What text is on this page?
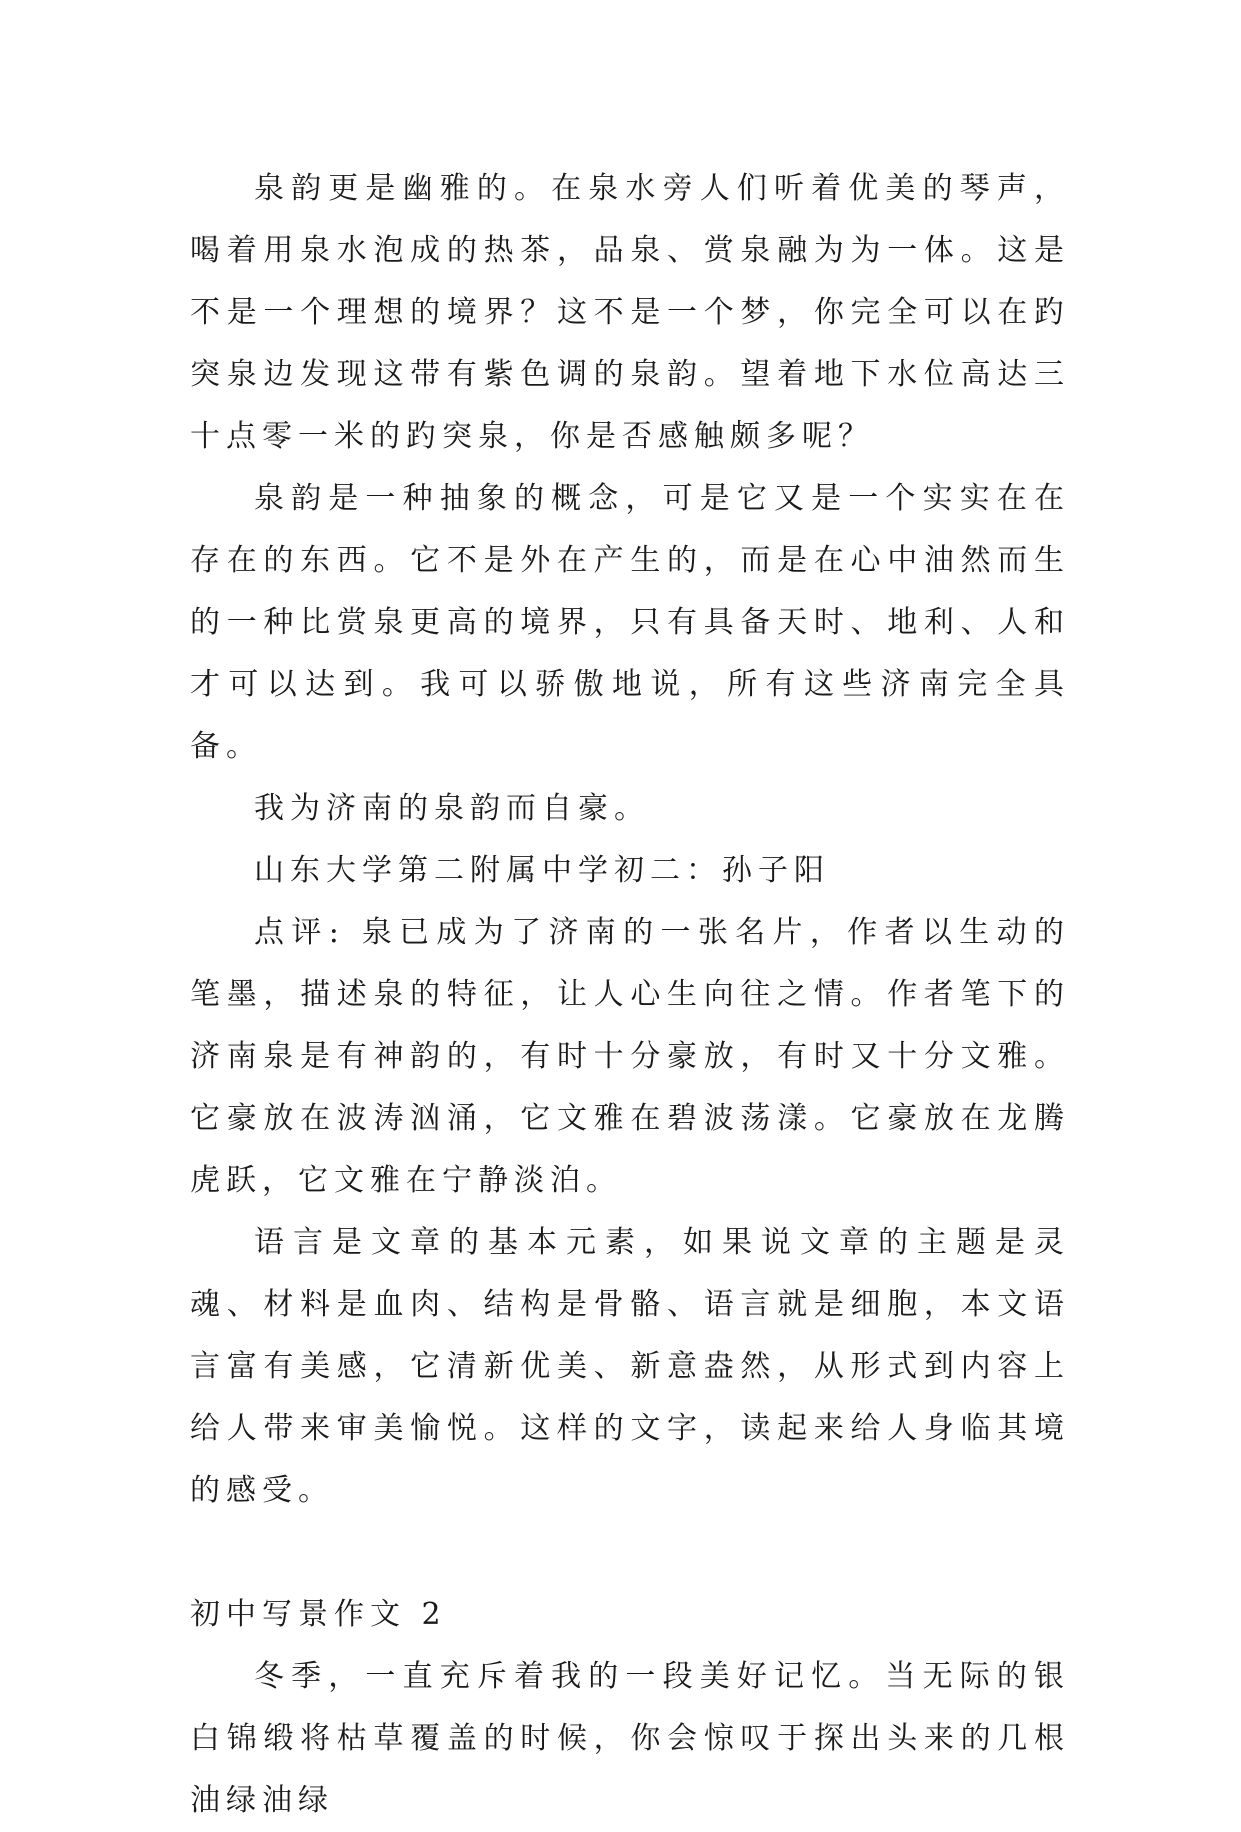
泉韵更是幽雅的。在泉水旁人们听着优美的琴声，喝着用泉水泡成的热茶，品泉、赏泉融为为一体。这是不是一个理想的境界？这不是一个梦，你完全可以在趵突泉边发现这带有紫色调的泉韵。望着地下水位高达三十点零一米的趵突泉，你是否感触颇多呢？

泉韵是一种抽象的概念，可是它又是一个实实在在存在的东西。它不是外在产生的，而是在心中油然而生的一种比赏泉更高的境界，只有具备天时、地利、人和才可以达到。我可以骄傲地说，所有这些济南完全具备。

我为济南的泉韵而自豪。

山东大学第二附属中学初二：孙子阳

点评: 泉已成为了济南的一张名片，作者以生动的笔墨，描述泉的特征，让人心生向往之情。作者笔下的济南泉是有神韵的，有时十分豪放，有时又十分文雅。它豪放在波涛汹涌，它文雅在碧波荡漾。它豪放在龙腾虎跃，它文雅在宁静淡泊。

语言是文章的基本元素，如果说文章的主题是灵魂、材料是血肉、结构是骨骼、语言就是细胞，本文语言富有美感，它清新优美、新意盎然，从形式到内容上给人带来审美愉悦。这样的文字，读起来给人身临其境的感受。

初中写景作文 2

冬季，一直充斥着我的一段美好记忆。当无际的银白锦缎将枯草覆盖的时候，你会惊叹于探出头来的几根油绿油绿
